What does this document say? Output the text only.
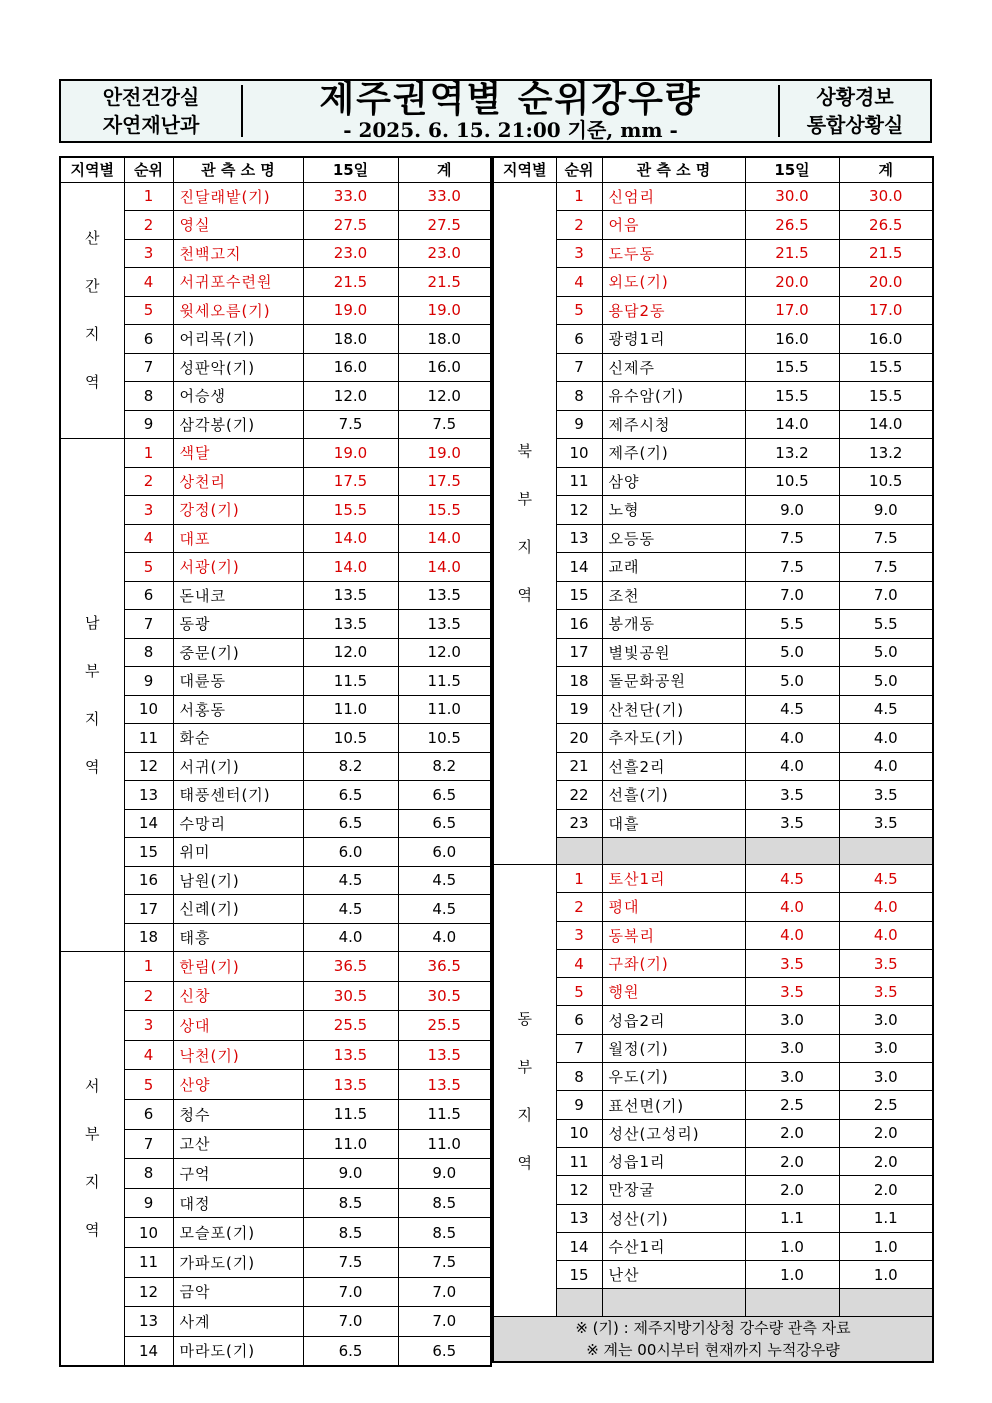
안전건강실
자연재난과
제주권역별 순위강우량
- 2025. 6. 15. 21:00 기준, mm -
상황경보
통합상황실
지역별	순위	관 측 소 명	15일	계

산
간
지
역	1	진달래밭(기)	33.0	33.0
	2	영실	27.5	27.5
	3	천백고지	23.0	23.0
	4	서귀포수련원	21.5	21.5
	5	윗세오름(기)	19.0	19.0
	6	어리목(기)	18.0	18.0
	7	성판악(기)	16.0	16.0
	8	어승생	12.0	12.0
	9	삼각봉(기)	7.5	7.5

남
부
지
역	1	색달	19.0	19.0
	2	상천리	17.5	17.5
	3	강정(기)	15.5	15.5
	4	대포	14.0	14.0
	5	서광(기)	14.0	14.0
	6	돈내코	13.5	13.5
	7	동광	13.5	13.5
	8	중문(기)	12.0	12.0
	9	대륜동	11.5	11.5
	10	서홍동	11.0	11.0
	11	화순	10.5	10.5
	12	서귀(기)	8.2	8.2
	13	태풍센터(기)	6.5	6.5
	14	수망리	6.5	6.5
	15	위미	6.0	6.0
	16	남원(기)	4.5	4.5
	17	신례(기)	4.5	4.5
	18	태흥	4.0	4.0

서
부
지
역	1	한림(기)	36.5	36.5
	2	신창	30.5	30.5
	3	상대	25.5	25.5
	4	낙천(기)	13.5	13.5
	5	산양	13.5	13.5
	6	청수	11.5	11.5
	7	고산	11.0	11.0
	8	구억	9.0	9.0
	9	대정	8.5	8.5
	10	모슬포(기)	8.5	8.5
	11	가파도(기)	7.5	7.5
	12	금악	7.0	7.0
	13	사계	7.0	7.0
	14	마라도(기)	6.5	6.5
지역별	순위	관 측 소 명	15일	계

북
부
지
역	1	신엄리	30.0	30.0
	2	어음	26.5	26.5
	3	도두동	21.5	21.5
	4	외도(기)	20.0	20.0
	5	용담2동	17.0	17.0
	6	광령1리	16.0	16.0
	7	신제주	15.5	15.5
	8	유수암(기)	15.5	15.5
	9	제주시청	14.0	14.0
	10	제주(기)	13.2	13.2
	11	삼양	10.5	10.5
	12	노형	9.0	9.0
	13	오등동	7.5	7.5
	14	교래	7.5	7.5
	15	조천	7.0	7.0
	16	봉개동	5.5	5.5
	17	별빛공원	5.0	5.0
	18	돌문화공원	5.0	5.0
	19	산천단(기)	4.5	4.5
	20	추자도(기)	4.0	4.0
	21	선흘2리	4.0	4.0
	22	선흘(기)	3.5	3.5
	23	대흘	3.5	3.5

동
부
지
역	1	토산1리	4.5	4.5
	2	평대	4.0	4.0
	3	동복리	4.0	4.0
	4	구좌(기)	3.5	3.5
	5	행원	3.5	3.5
	6	성읍2리	3.0	3.0
	7	월정(기)	3.0	3.0
	8	우도(기)	3.0	3.0
	9	표선면(기)	2.5	2.5
	10	성산(고성리)	2.0	2.0
	11	성읍1리	2.0	2.0
	12	만장굴	2.0	2.0
	13	성산(기)	1.1	1.1
	14	수산1리	1.0	1.0
	15	난산	1.0	1.0

※ (기) : 제주지방기상청 강수량 관측 자료
※ 계는 00시부터 현재까지 누적강우량				
